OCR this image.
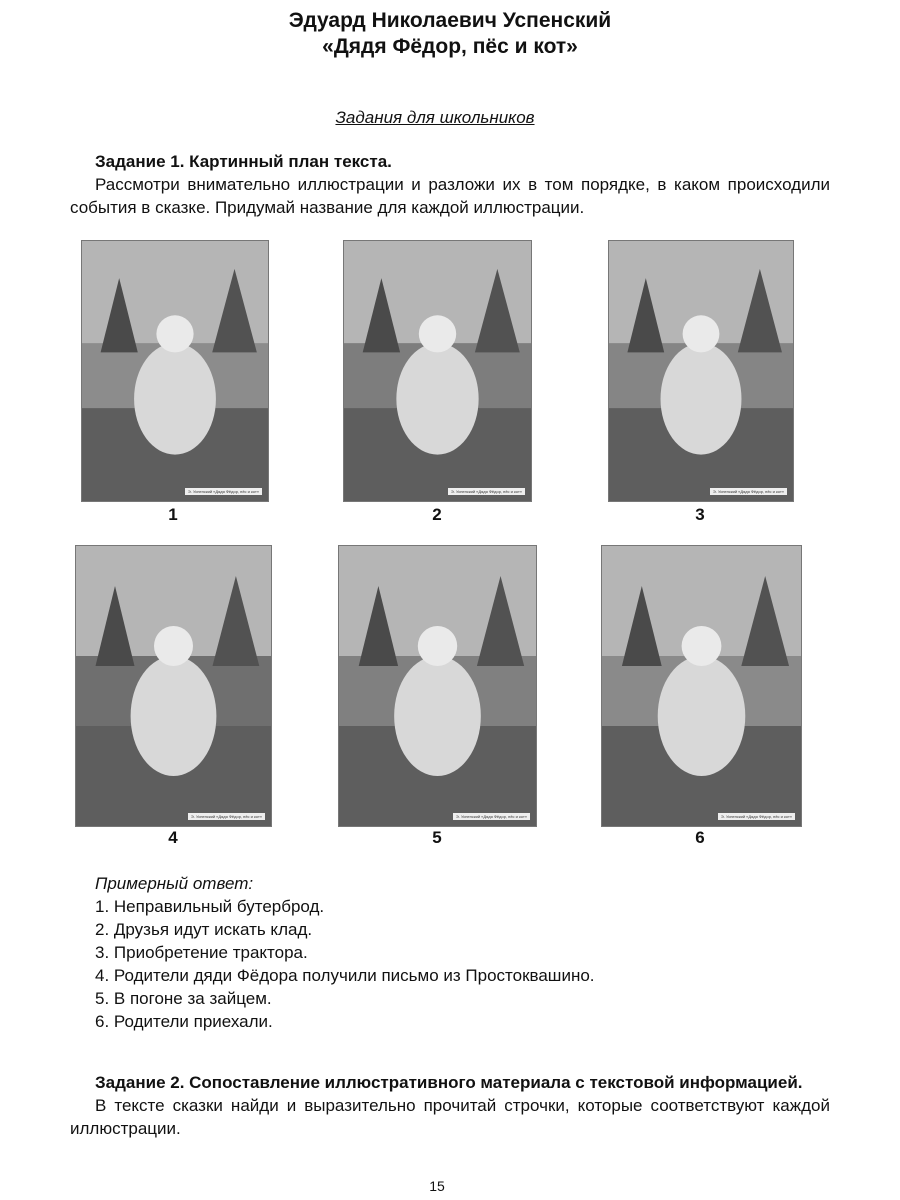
Эдуард Николаевич Успенский
«Дядя Фёдор, пёс и кот»
Задания для школьников
Задание 1. Картинный план текста.
Рассмотри внимательно иллюстрации и разложи их в том порядке, в каком происходили события в сказке. Придумай название для каждой иллюстрации.
Э. Успенский «Дядя Фёдор, пёс и кот»
1
Э. Успенский «Дядя Фёдор, пёс и кот»
2
Э. Успенский «Дядя Фёдор, пёс и кот»
3
Э. Успенский «Дядя Фёдор, пёс и кот»
4
Э. Успенский «Дядя Фёдор, пёс и кот»
5
Э. Успенский «Дядя Фёдор, пёс и кот»
6
Примерный ответ:
1. Неправильный бутерброд.
2. Друзья идут искать клад.
3. Приобретение трактора.
4. Родители дяди Фёдора получили письмо из Простоквашино.
5. В погоне за зайцем.
6. Родители приехали.
Задание 2. Сопоставление иллюстративного материала с текстовой информацией.
В тексте сказки найди и выразительно прочитай строчки, которые соответствуют каждой иллюстрации.
15
